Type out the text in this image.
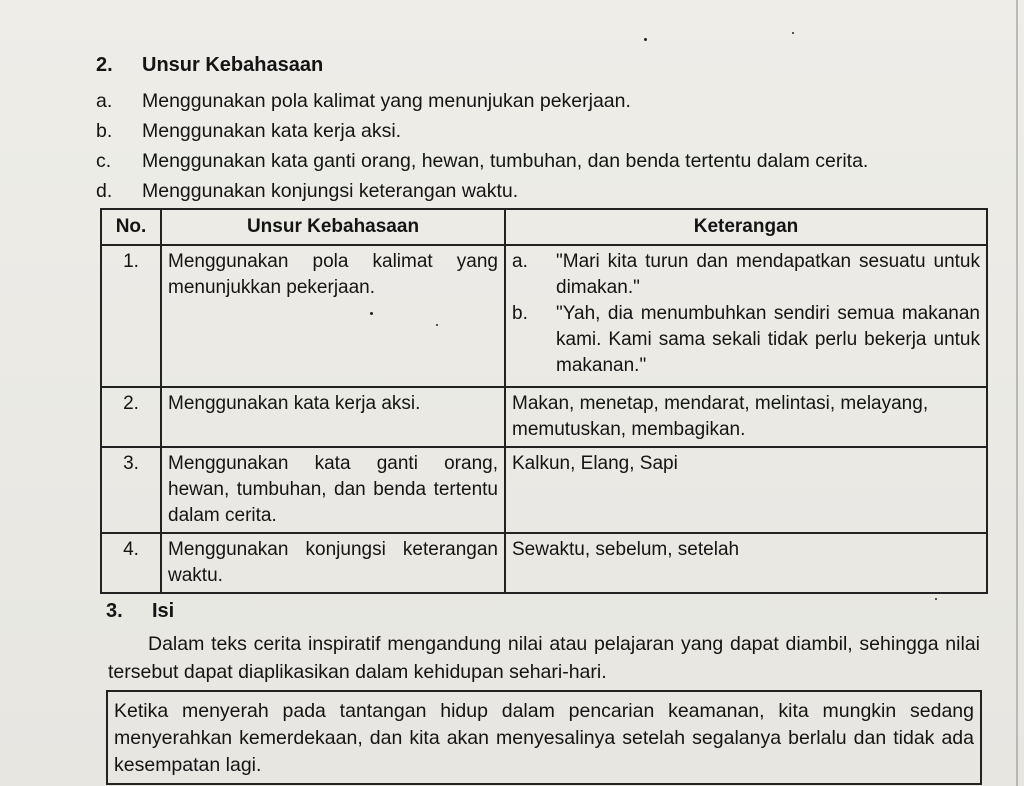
2. Unsur Kebahasaan
a. Menggunakan pola kalimat yang menunjukan pekerjaan.
b. Menggunakan kata kerja aksi.
c. Menggunakan kata ganti orang, hewan, tumbuhan, dan benda tertentu dalam cerita.
d. Menggunakan konjungsi keterangan waktu.
No.	Unsur Kebahasaan	Keterangan
1.	Menggunakan pola kalimat yang menunjukkan pekerjaan.	a. "Mari kita turun dan mendapatkan sesuatu untuk dimakan."
b. "Yah, dia menumbuhkan sendiri semua makanan kami. Kami sama sekali tidak perlu bekerja untuk makanan."

2.	Menggunakan kata kerja aksi.	Makan, menetap, mendarat, melintasi, melayang, memutuskan, membagikan.
3.	Menggunakan kata ganti orang, hewan, tumbuhan, dan benda tertentu dalam cerita.	Kalkun, Elang, Sapi
4.	Menggunakan konjungsi keterangan waktu.	Sewaktu, sebelum, setelah
3. Isi
Dalam teks cerita inspiratif mengandung nilai atau pelajaran yang dapat diambil, sehingga nilai tersebut dapat diaplikasikan dalam kehidupan sehari-hari.
Ketika menyerah pada tantangan hidup dalam pencarian keamanan, kita mungkin sedang menyerahkan kemerdekaan, dan kita akan menyesalinya setelah segalanya berlalu dan tidak ada kesempatan lagi.
